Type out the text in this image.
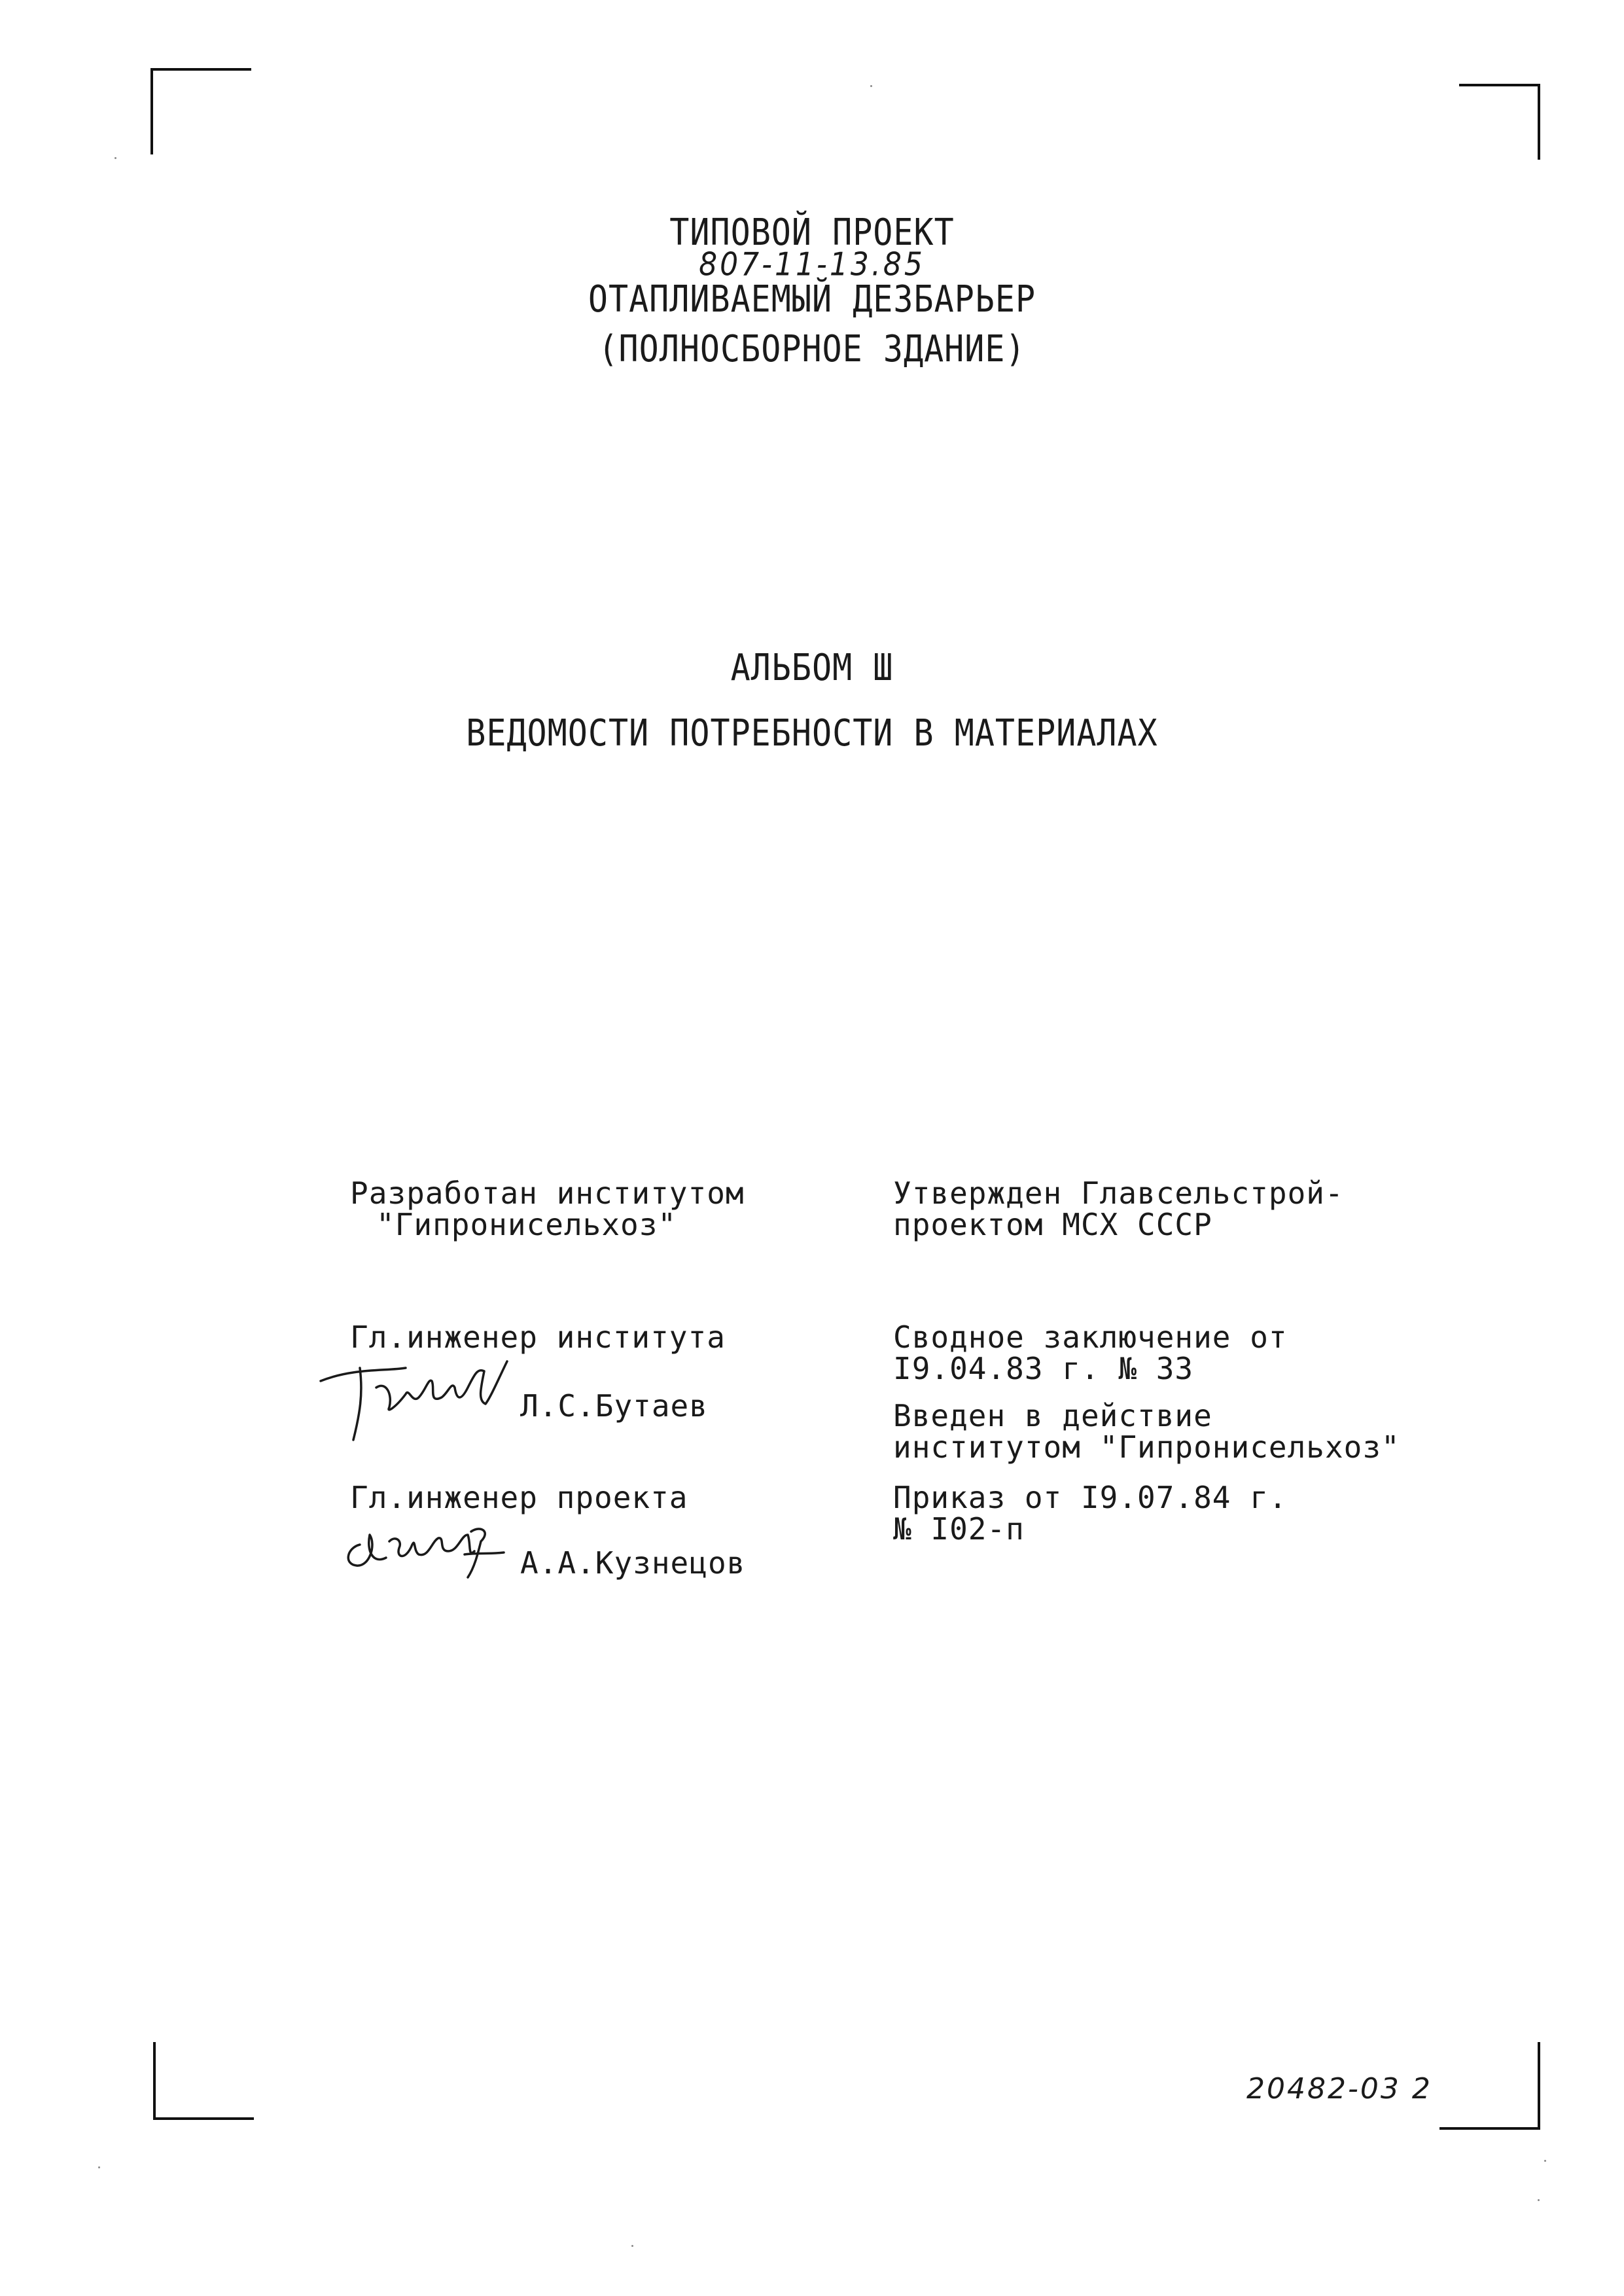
ТИПОВОЙ ПРОЕКТ
807-11-13.85
ОТАПЛИВАЕМЫЙ ДЕЗБАРЬЕР
(ПОЛНОСБОРНОЕ ЗДАНИЕ)
АЛЬБОМ Ш
ВЕДОМОСТИ ПОТРЕБНОСТИ В МАТЕРИАЛАХ
Разработан институтом
"Гипронисельхоз"
Гл.инженер института
Л.С.Бутаев
Гл.инженер проекта
А.А.Кузнецов
Утвержден Главсельстрой-
проектом МСХ СССР
Сводное заключение от
I9.04.83 г. № 33
Введен в действие
институтом "Гипронисельхоз"
Приказ от I9.07.84 г.
№ I02-п
20482-03 2
